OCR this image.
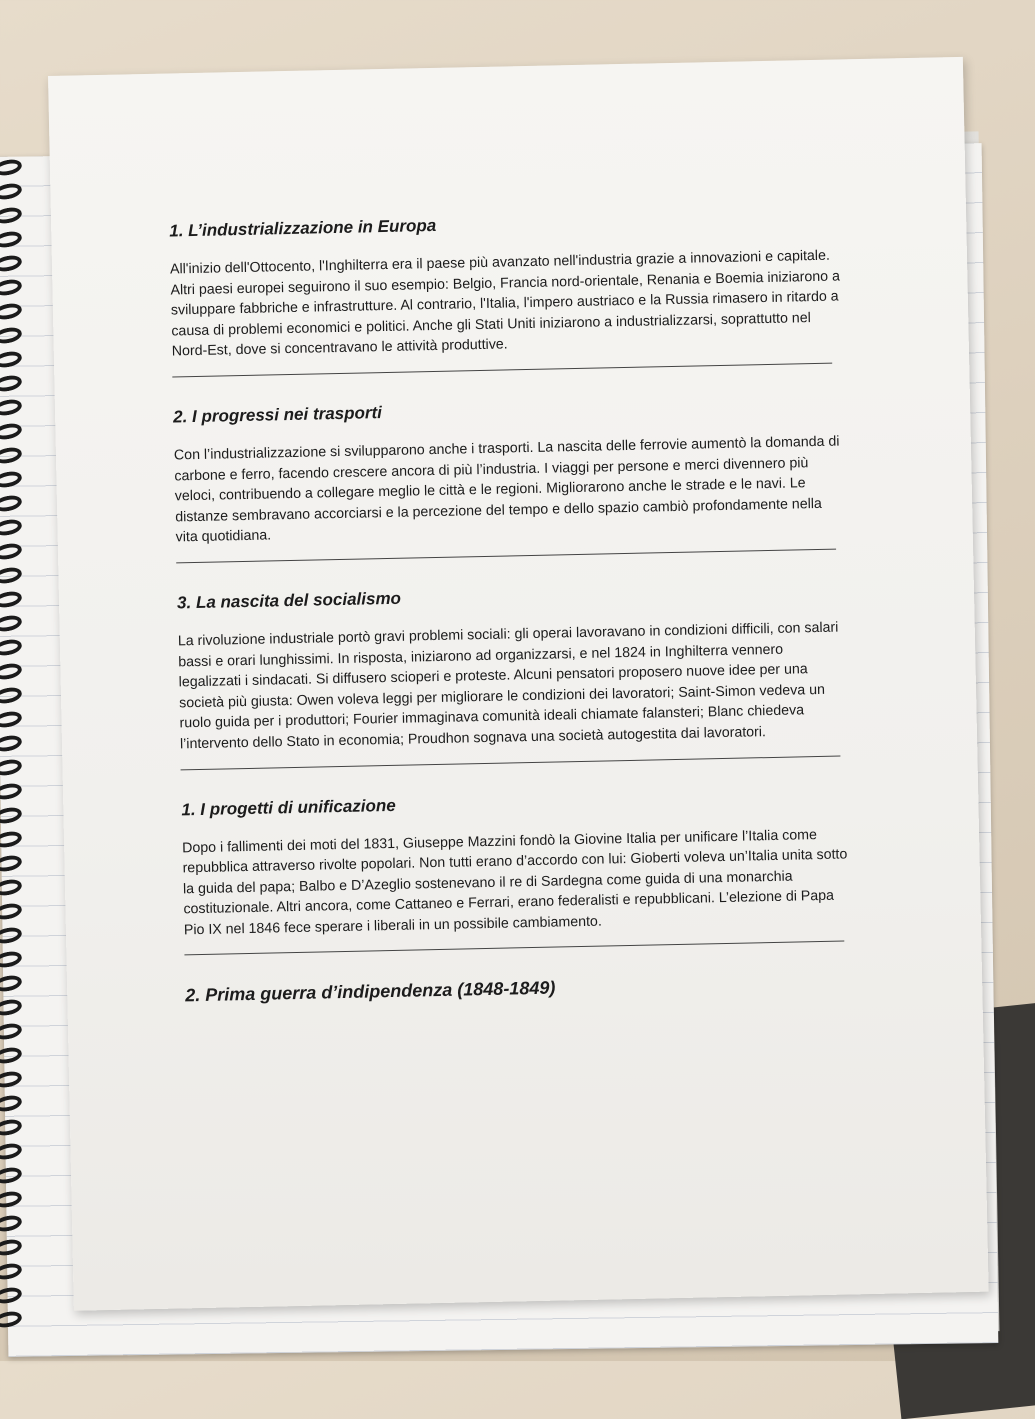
1. L’industrializzazione in Europa

All'inizio dell'Ottocento, l'Inghilterra era il paese più avanzato nell'industria grazie a innovazioni e capitale. Altri paesi europei seguirono il suo esempio: Belgio, Francia nord-orientale, Renania e Boemia iniziarono a sviluppare fabbriche e infrastrutture. Al contrario, l'Italia, l'impero austriaco e la Russia rimasero in ritardo a causa di problemi economici e politici. Anche gli Stati Uniti iniziarono a industrializzarsi, soprattutto nel Nord-Est, dove si concentravano le attività produttive.

2. I progressi nei trasporti

Con l’industrializzazione si svilupparono anche i trasporti. La nascita delle ferrovie aumentò la domanda di carbone e ferro, facendo crescere ancora di più l’industria. I viaggi per persone e merci divennero più veloci, contribuendo a collegare meglio le città e le regioni. Migliorarono anche le strade e le navi. Le distanze sembravano accorciarsi e la percezione del tempo e dello spazio cambiò profondamente nella vita quotidiana.

3. La nascita del socialismo

La rivoluzione industriale portò gravi problemi sociali: gli operai lavoravano in condizioni difficili, con salari bassi e orari lunghissimi. In risposta, iniziarono ad organizzarsi, e nel 1824 in Inghilterra vennero legalizzati i sindacati. Si diffusero scioperi e proteste. Alcuni pensatori proposero nuove idee per una società più giusta: Owen voleva leggi per migliorare le condizioni dei lavoratori; Saint-Simon vedeva un ruolo guida per i produttori; Fourier immaginava comunità ideali chiamate falansteri; Blanc chiedeva l’intervento dello Stato in economia; Proudhon sognava una società autogestita dai lavoratori.

1. I progetti di unificazione

Dopo i fallimenti dei moti del 1831, Giuseppe Mazzini fondò la Giovine Italia per unificare l’Italia come repubblica attraverso rivolte popolari. Non tutti erano d’accordo con lui: Gioberti voleva un’Italia unita sotto la guida del papa; Balbo e D’Azeglio sostenevano il re di Sardegna come guida di una monarchia costituzionale. Altri ancora, come Cattaneo e Ferrari, erano federalisti e repubblicani. L’elezione di Papa Pio IX nel 1846 fece sperare i liberali in un possibile cambiamento.

2. Prima guerra d’indipendenza (1848-1849)
